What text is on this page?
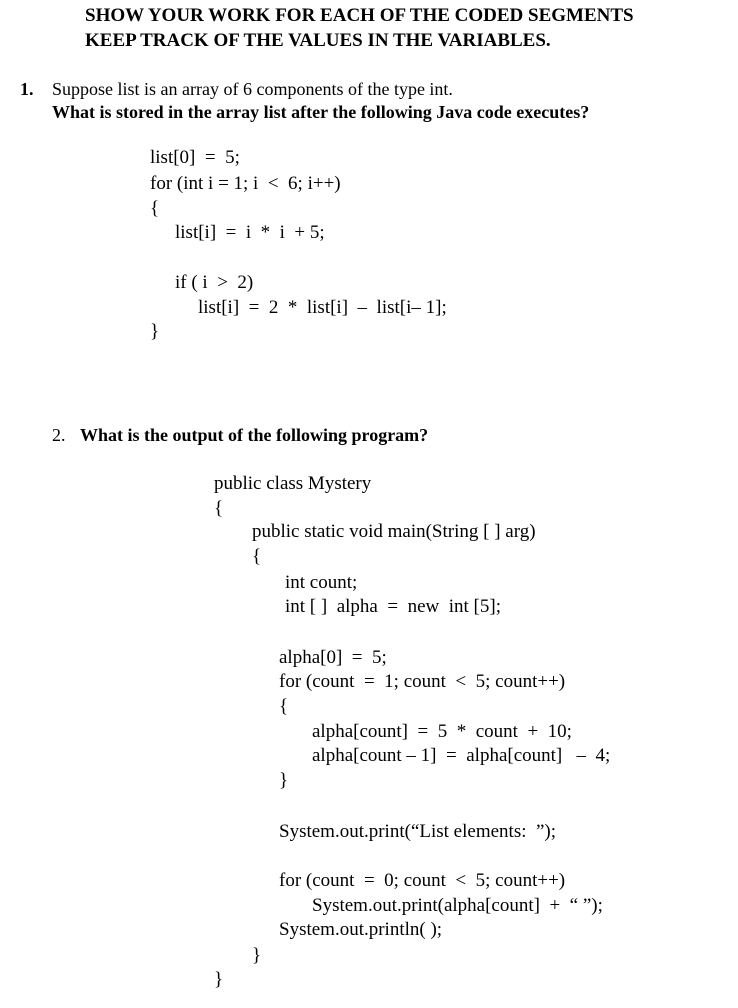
SHOW YOUR WORK FOR EACH OF THE CODED SEGMENTS
KEEP TRACK OF THE VALUES IN THE VARIABLES.
1. Suppose list is an array of 6 components of the type int.
What is stored in the array list after the following Java code executes?
list[0]  =  5;
for (int i = 1; i  <  6; i++)
{
list[i]  =  i  *  i  + 5;
if ( i  >  2)
list[i]  =  2  *  list[i]  –  list[i– 1];
}
2. What is the output of the following program?
public class Mystery
{
public static void main(String [ ] arg)
{
int count;
int [ ]  alpha  =  new  int [5];
alpha[0]  =  5;
for (count  =  1; count  <  5; count++)
{
alpha[count]  =  5  *  count  +  10;
alpha[count – 1]  =  alpha[count]   –  4;
}
System.out.print(“List elements:  ”);
for (count  =  0; count  <  5; count++)
System.out.print(alpha[count]  +  “ ”);
System.out.println( );
}
}
